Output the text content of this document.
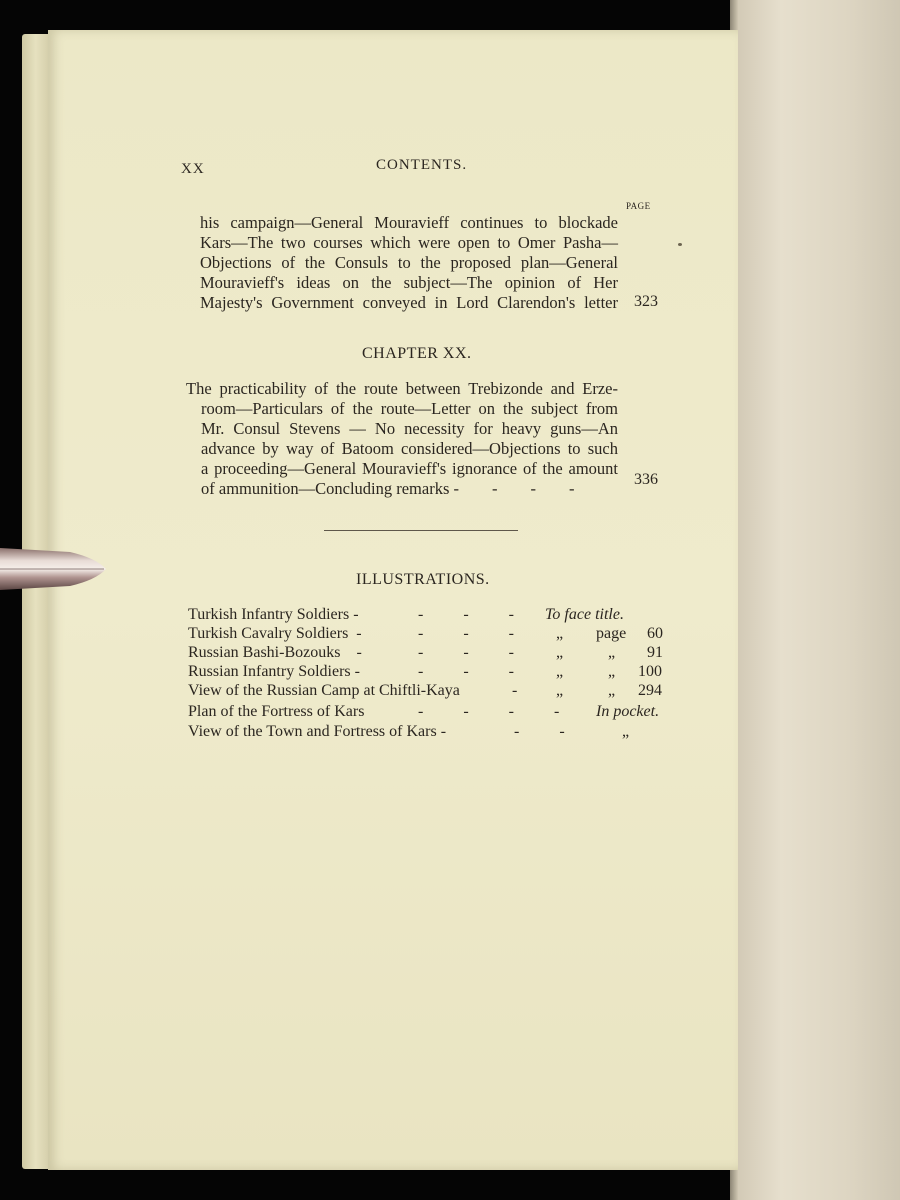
XX	CONTENTS.
PAGE
his campaign—General Mouravieff continues to blockade
Kars—The two courses which were open to Omer Pasha—
Objections of the Consuls to the proposed plan—General
Mouravieff's ideas on the subject—The opinion of Her
Majesty's Government conveyed in Lord Clarendon's letter 323
CHAPTER XX.
The practicability of the route between Trebizonde and Erze-
room—Particulars of the route—Letter on the subject from
Mr. Consul Stevens — No necessity for heavy guns—An
advance by way of Batoom considered—Objections to such
a proceeding—General Mouravieff's ignorance of the amount
of ammunition—Concluding remarks -        -        -        -	336
ILLUSTRATIONS.
Turkish Infantry Soldiers -	-          -          - To face title.
Turkish Cavalry Soldiers  -	-          -          -	„ page 60
Russian Bashi-Bozouks    -	-          -          -	„	„ 91
Russian Infantry Soldiers -	-          -          -	„	„ 100
View of the Russian Camp at Chiftli-Kaya	- „	„ 294
Plan of the Fortress of Kars	-          -          -          - In pocket.
View of the Town and Fortress of Kars -	-          -	„
